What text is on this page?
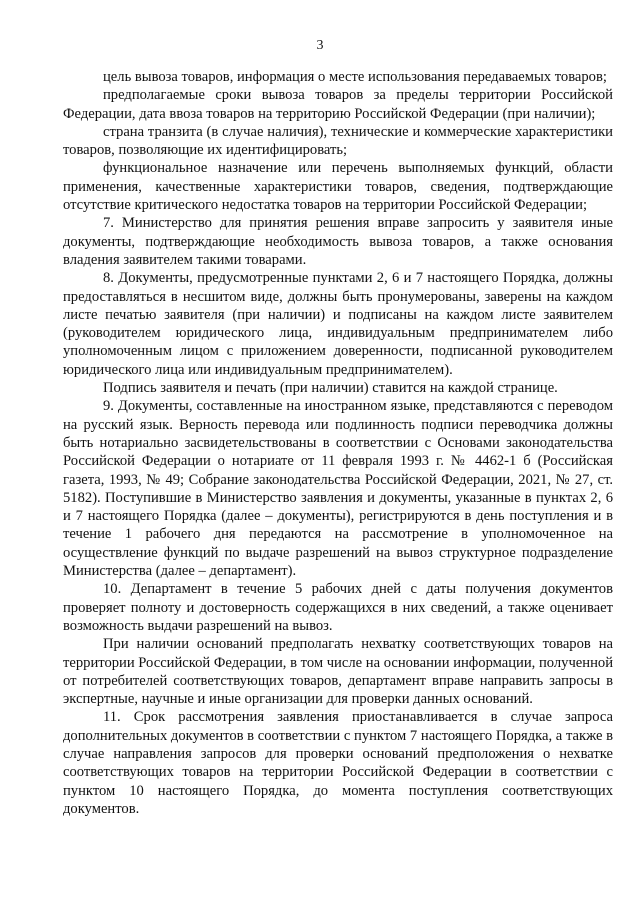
3

цель вывоза товаров, информация о месте использования передаваемых товаров;

предполагаемые сроки вывоза товаров за пределы территории Российской Федерации, дата ввоза товаров на территорию Российской Федерации (при наличии);

страна транзита (в случае наличия), технические и коммерческие характеристики товаров, позволяющие их идентифицировать;

функциональное назначение или перечень выполняемых функций, области применения, качественные характеристики товаров, сведения, подтверждающие отсутствие критического недостатка товаров на территории Российской Федерации;

7. Министерство для принятия решения вправе запросить у заявителя иные документы, подтверждающие необходимость вывоза товаров, а также основания владения заявителем такими товарами.

8. Документы, предусмотренные пунктами 2, 6 и 7 настоящего Порядка, должны предоставляться в несшитом виде, должны быть пронумерованы, заверены на каждом листе печатью заявителя (при наличии) и подписаны на каждом листе заявителем (руководителем юридического лица, индивидуальным предпринимателем либо уполномоченным лицом с приложением доверенности, подписанной руководителем юридического лица или индивидуальным предпринимателем).

Подпись заявителя и печать (при наличии) ставится на каждой странице.

9. Документы, составленные на иностранном языке, представляются с переводом на русский язык. Верность перевода или подлинность подписи переводчика должны быть нотариально засвидетельствованы в соответствии с Основами законодательства Российской Федерации о нотариате от 11 февраля 1993 г. № 4462-1 б (Российская газета, 1993, № 49; Собрание законодательства Российской Федерации, 2021, № 27, ст. 5182). Поступившие в Министерство заявления и документы, указанные в пунктах 2, 6 и 7 настоящего Порядка (далее – документы), регистрируются в день поступления и в течение 1 рабочего дня передаются на рассмотрение в уполномоченное на осуществление функций по выдаче разрешений на вывоз структурное подразделение Министерства (далее – департамент).

10. Департамент в течение 5 рабочих дней с даты получения документов проверяет полноту и достоверность содержащихся в них сведений, а также оценивает возможность выдачи разрешений на вывоз.

При наличии оснований предполагать нехватку соответствующих товаров на территории Российской Федерации, в том числе на основании информации, полученной от потребителей соответствующих товаров, департамент вправе направить запросы в экспертные, научные и иные организации для проверки данных оснований.

11. Срок рассмотрения заявления приостанавливается в случае запроса дополнительных документов в соответствии с пунктом 7 настоящего Порядка, а также в случае направления запросов для проверки оснований предположения о нехватке соответствующих товаров на территории Российской Федерации в соответствии с пунктом 10 настоящего Порядка, до момента поступления соответствующих документов.
